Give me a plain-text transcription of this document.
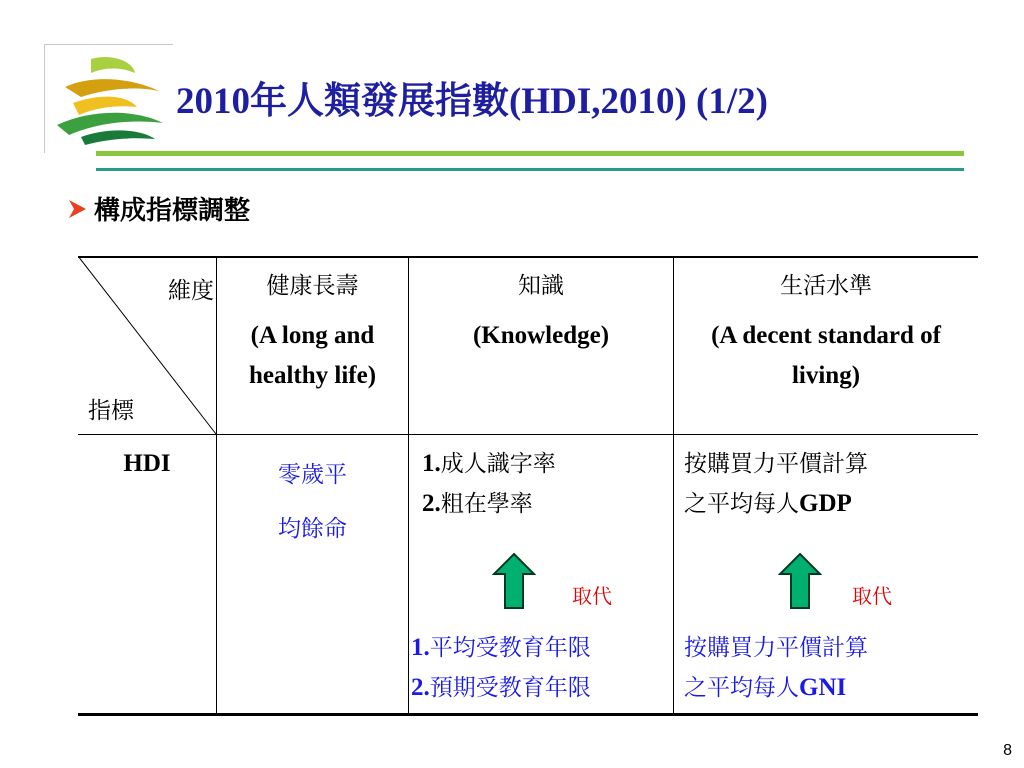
2010年人類發展指數(HDI,2010) (1/2)
構成指標調整
維度
指標
健康長壽
(A long and healthy life)
知識
(Knowledge)
生活水準
(A decent standard of living)
HDI	零歲平
均餘命
1.成人識字率
2.粗在學率
取代
1.平均受教育年限
2.預期受教育年限
按購買力平價計算
之平均每人GDP
取代
按購買力平價計算
之平均每人GNI
8
